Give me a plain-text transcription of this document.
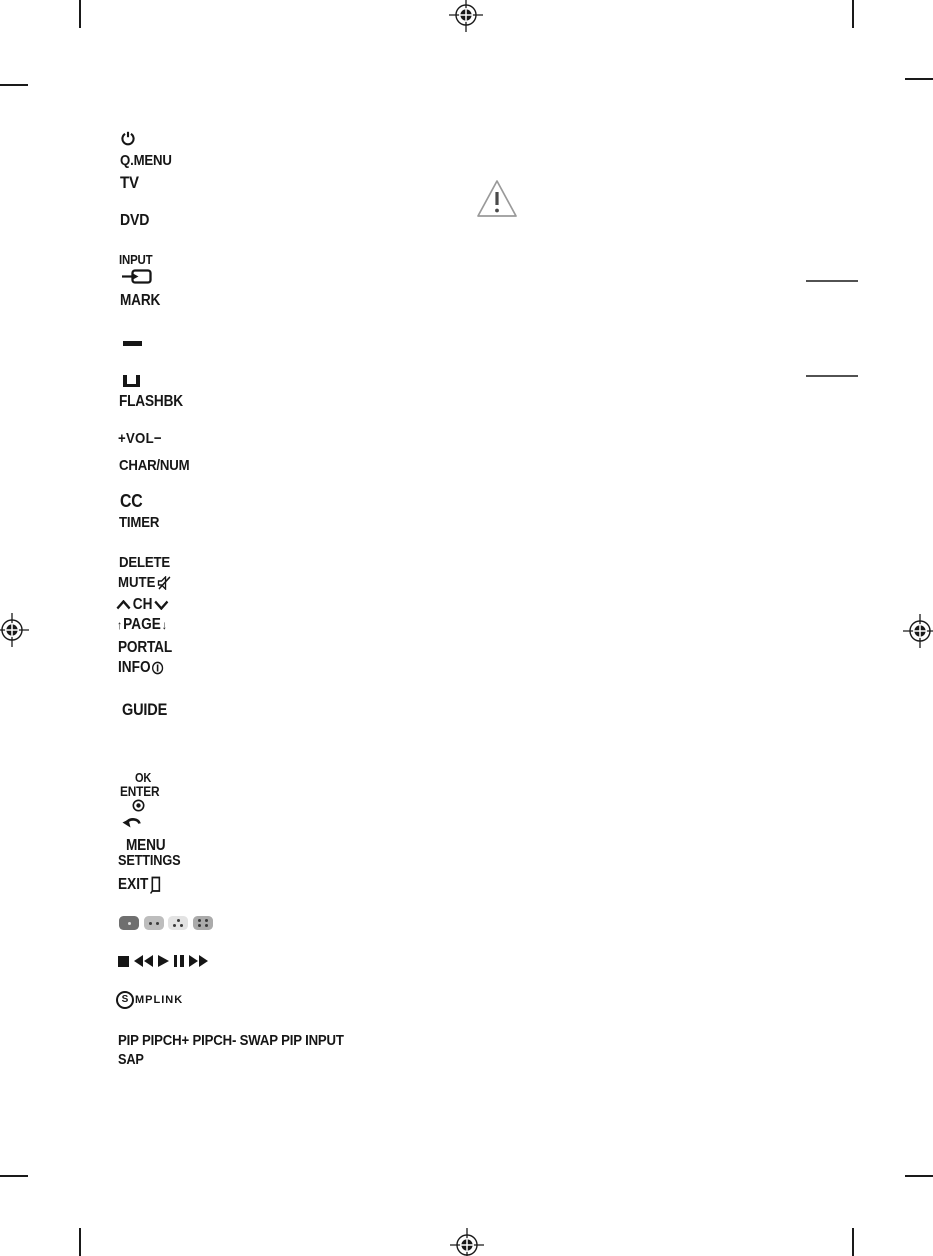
Q.MENU
TV
DVD
INPUT
MARK
FLASHBK
+VOL−
CHAR/NUM
CC
TIMER
DELETE
MUTE
CH
↑ PAGE ↓
PORTAL
INFO
GUIDE
OK
ENTER
MENU
SETTINGS
EXIT
S MPLINK
PIP PIPCH+ PIPCH- SWAP PIP INPUT
SAP
